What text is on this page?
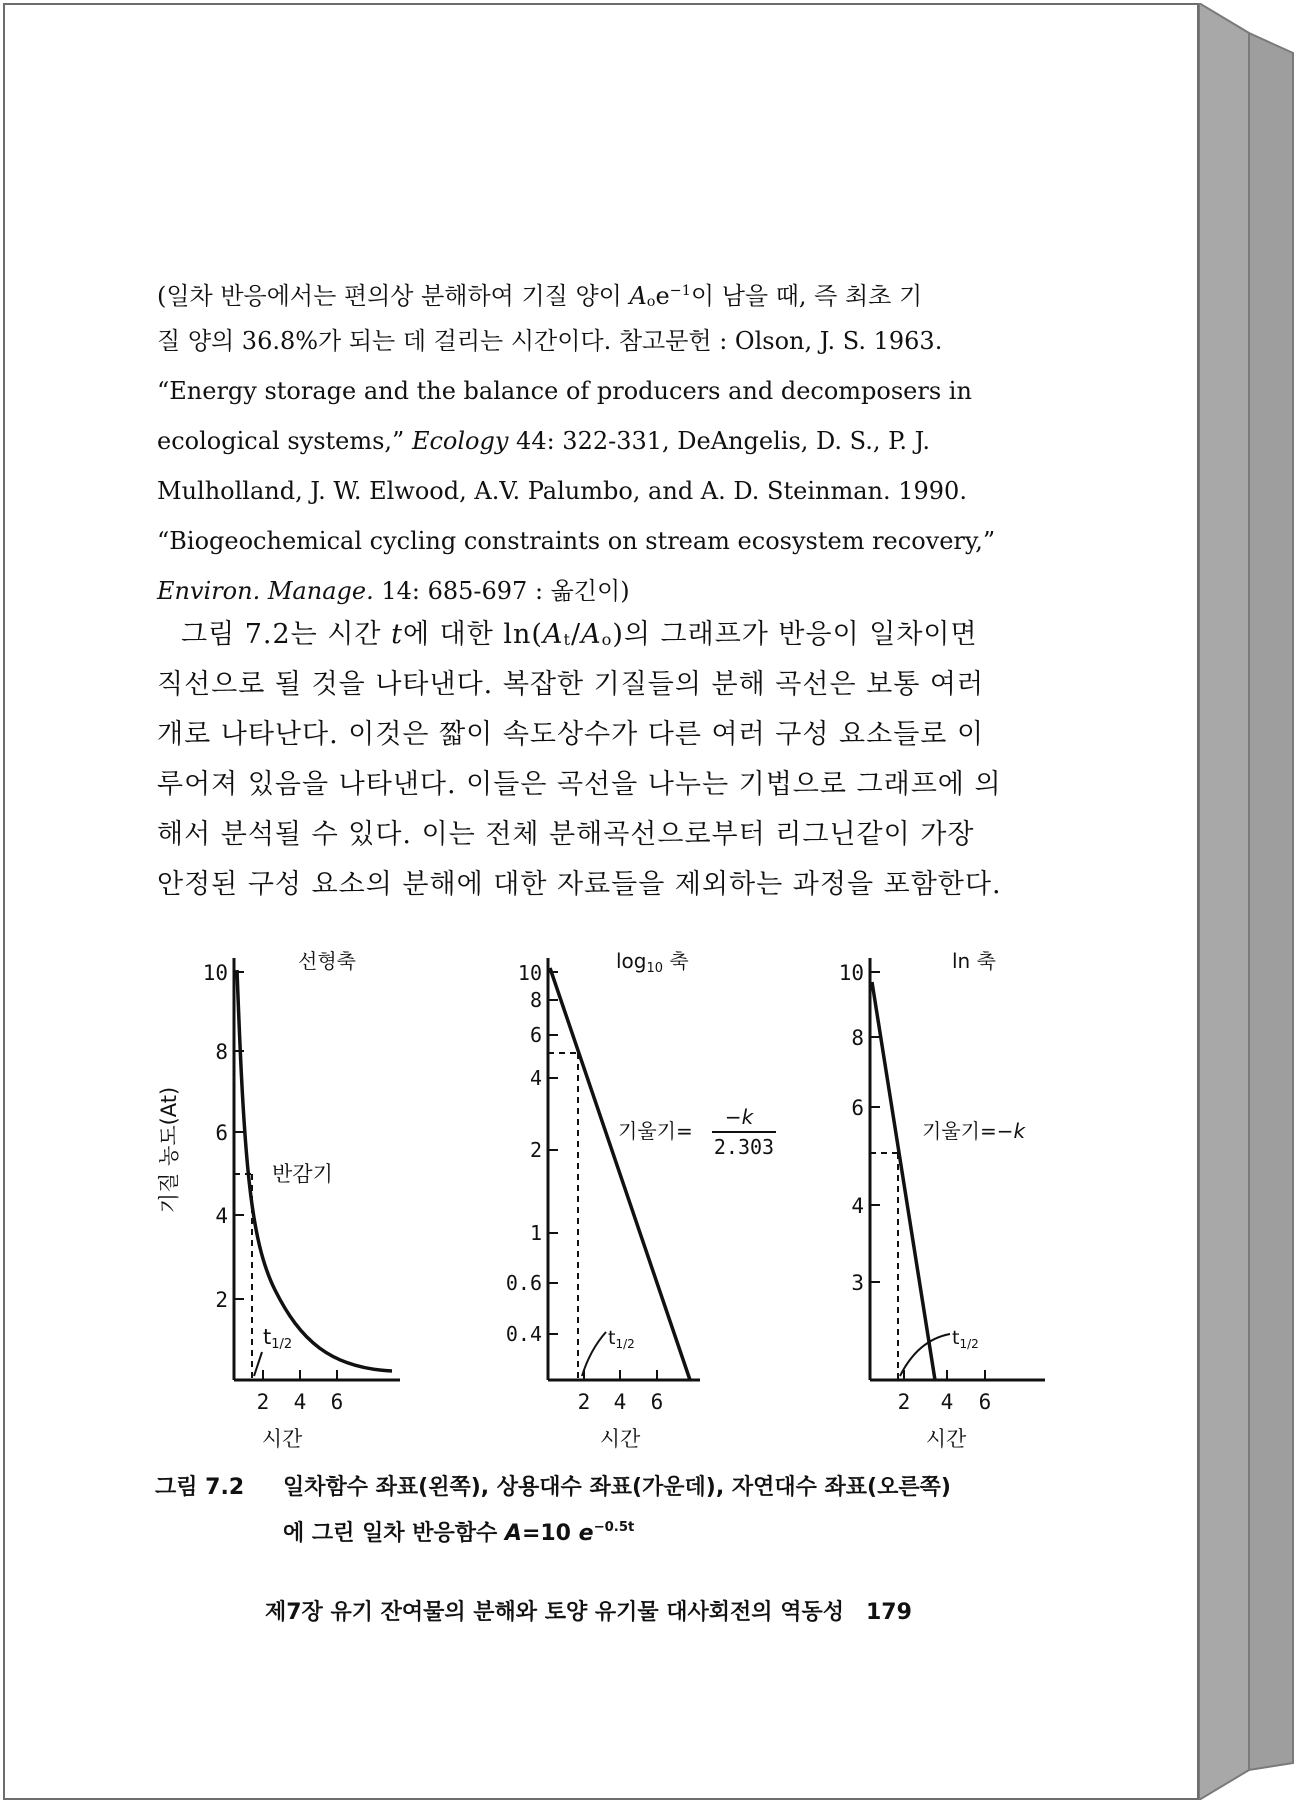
(일차 반응에서는 편의상 분해하여 기질 양이 $A_oe^{-1}$이 남을 때, 즉 최초 기

질 양의 36.8%가 되는 데 걸리는 시간이다. 참고문헌 : Olson, J. S. 1963.

“Energy storage and the balance of producers and decomposers in

ecological systems,” Ecology 44: 322-331, DeAngelis, D. S., P. J.

Mulholland, J. W. Elwood, A.V. Palumbo, and A. D. Steinman. 1990.

“Biogeochemical cycling constraints on stream ecosystem recovery,”

Environ. Manage. 14: 685-697 : 옮긴이)

그림 7.2는 시간 t에 대한 $\ln(A_t/A_o)$의 그래프가 반응이 일차이면

직선으로 될 것을 나타낸다. 복잡한 기질들의 분해 곡선은 보통 여러

개로 나타난다. 이것은 짧이 속도상수가 다른 여러 구성 요소들로 이

루어져 있음을 나타낸다. 이들은 곡선을 나누는 기법으로 그래프에 의

해서 분석될 수 있다. 이는 전체 분해곡선으로부터 리그닌같이 가장

안정된 구성 요소의 분해에 대한 자료들을 제외하는 과정을 포함한다.

기질 농도(At)
선형축
10
8
6
4
2
2 4 6
반감기
t1/2
시간
$\log_{10}$ 축
10
8
6
4
2
1
0.6
0.4
2 4 6
$t_{1/2}$
기울기=
−k
2.303
시간
ln 축
10
8
6
4
3
2 4 6
$t_{1/2}$
기울기=−k
시간
그림 7.2 일차함수 좌표(왼쪽), 상용대수 좌표(가운데), 자연대수 좌표(오른쪽)
에 그린 일차 반응함수 A=10 $e^{-0.5t}$
제7장 유기 잔여물의 분해와 토양 유기물 대사회전의 역동성 179
